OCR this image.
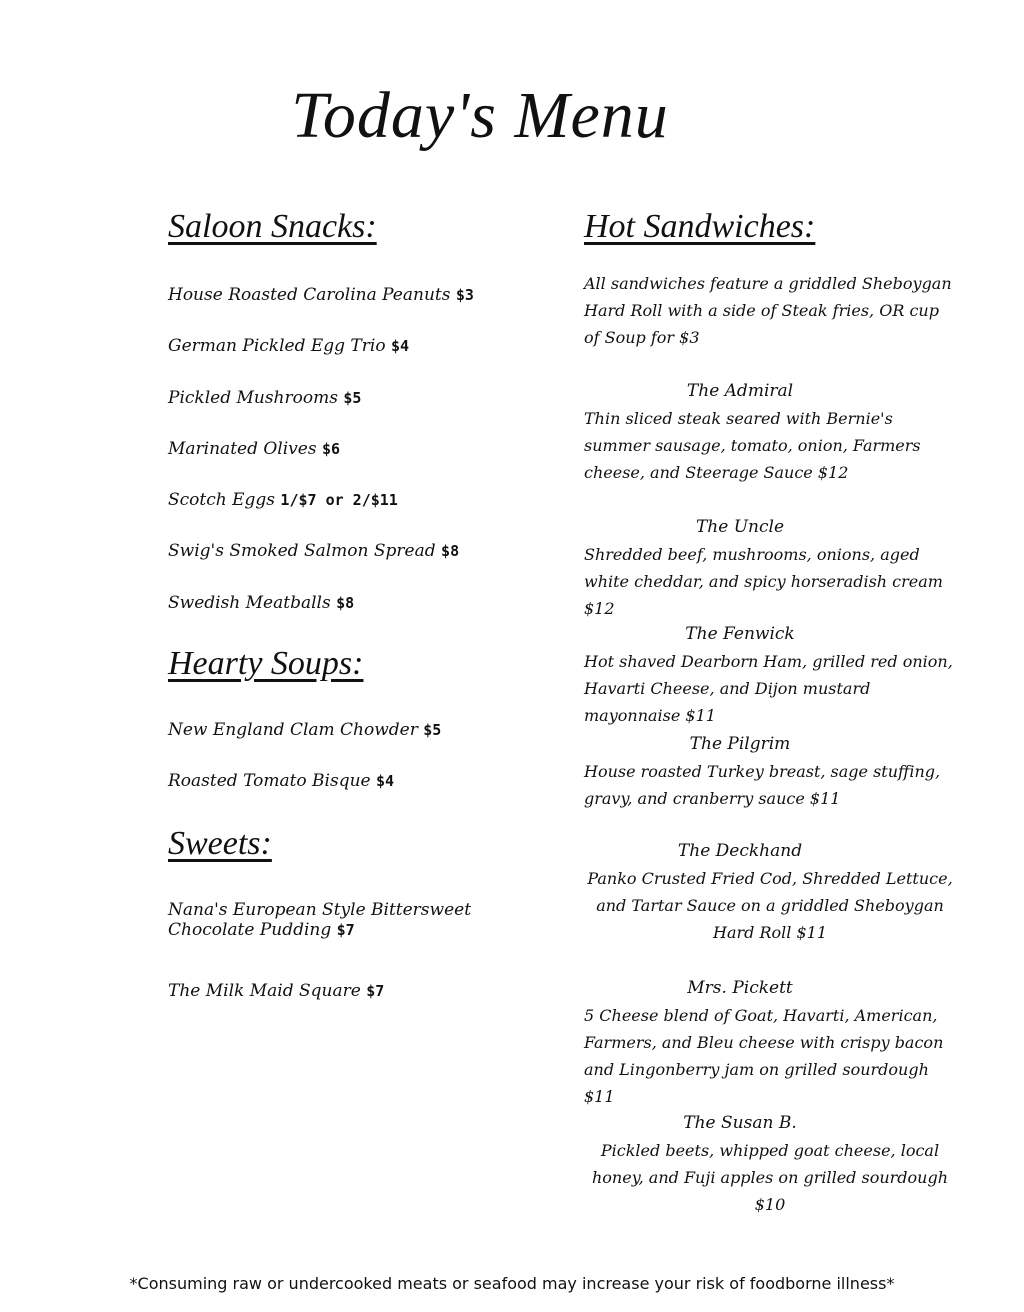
Today's Menu
Saloon Snacks:
House Roasted Carolina Peanuts $3
German Pickled Egg Trio $4
Pickled Mushrooms $5
Marinated Olives $6
Scotch Eggs 1/$7 or 2/$11
Swig's Smoked Salmon Spread $8
Swedish Meatballs $8
Hearty Soups:
New England Clam Chowder $5
Roasted Tomato Bisque $4
Sweets:
Nana's European Style Bittersweet
Chocolate Pudding $7
The Milk Maid Square $7
Hot Sandwiches:
All sandwiches feature a griddled Sheboygan Hard Roll with a side of Steak fries, OR cup of Soup for $3
The Admiral
Thin sliced steak seared with Bernie's summer sausage, tomato, onion, Farmers cheese, and Steerage Sauce $12
The Uncle
Shredded beef, mushrooms, onions, aged white cheddar, and spicy horseradish cream $12
The Fenwick
Hot shaved Dearborn Ham, grilled red onion, Havarti Cheese, and Dijon mustard mayonnaise $11
The Pilgrim
House roasted Turkey breast, sage stuffing, gravy, and cranberry sauce $11
The Deckhand
Panko Crusted Fried Cod, Shredded Lettuce, and Tartar Sauce on a griddled Sheboygan Hard Roll $11
Mrs. Pickett
5 Cheese blend of Goat, Havarti, American, Farmers, and Bleu cheese with crispy bacon and Lingonberry jam on grilled sourdough $11
The Susan B.
Pickled beets, whipped goat cheese, local honey, and Fuji apples on grilled sourdough $10
*Consuming raw or undercooked meats or seafood may increase your risk of foodborne illness*
